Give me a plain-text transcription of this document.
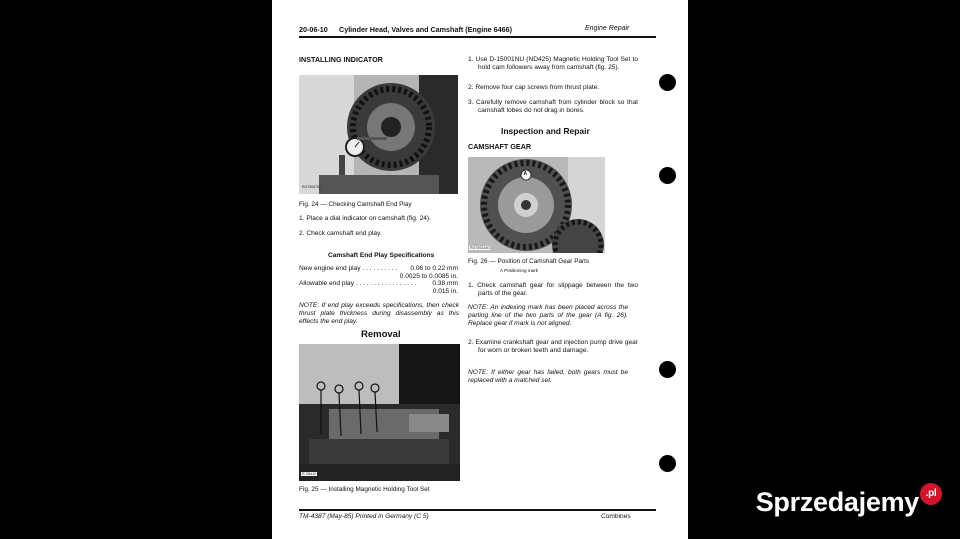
20-06-10 Cylinder Head, Valves and Camshaft (Engine 6466)	Engine Repair
INSTALLING INDICATOR
RG7553763
Fig. 24 — Checking Camshaft End Play
1. Place a dial indicator on camshaft (fig. 24).
2. Check camshaft end play.
Camshaft End Play Specifications
New engine end play . . . . . . . . . .	0.06 to 0.22 mm
0.0025 to 0.0085 in.
Allowable end play . . . . . . . . . . . . . . . . .	0.38 mm
0.015 in.
NOTE: If end play exceeds specifications, then check thrust plate thickness during disassembly as this effects the end play.
Removal
R 26410
Fig. 25 — Installing Magnetic Holding Tool Set
1. Use D-15001NU (ND425) Magnetic Holding Tool Set to hold cam followers away from camshaft (fig. 25).
2. Remove four cap screws from thrust plate.
3. Carefully remove camshaft from cylinder block so that camshaft lobes do not drag in bores.
Inspection and Repair
CAMSHAFT GEAR
A
RG7553160
Fig. 26 — Position of Camshaft Gear Parts
A Positioning mark
1. Check camshaft gear for slippage between the two parts of the gear.
NOTE: An indexing mark has been placed across the parting line of the two parts of the gear (A fig. 26). Replace gear if mark is not aligned.
2. Examine crankshaft gear and injection pump drive gear for worn or broken teeth and damage.
NOTE: If either gear has failed, both gears must be replaced with a matched set.
TM-4387 (May-85) Printed in Germany (C 5)	Combines	Sprzedajemy .pl
